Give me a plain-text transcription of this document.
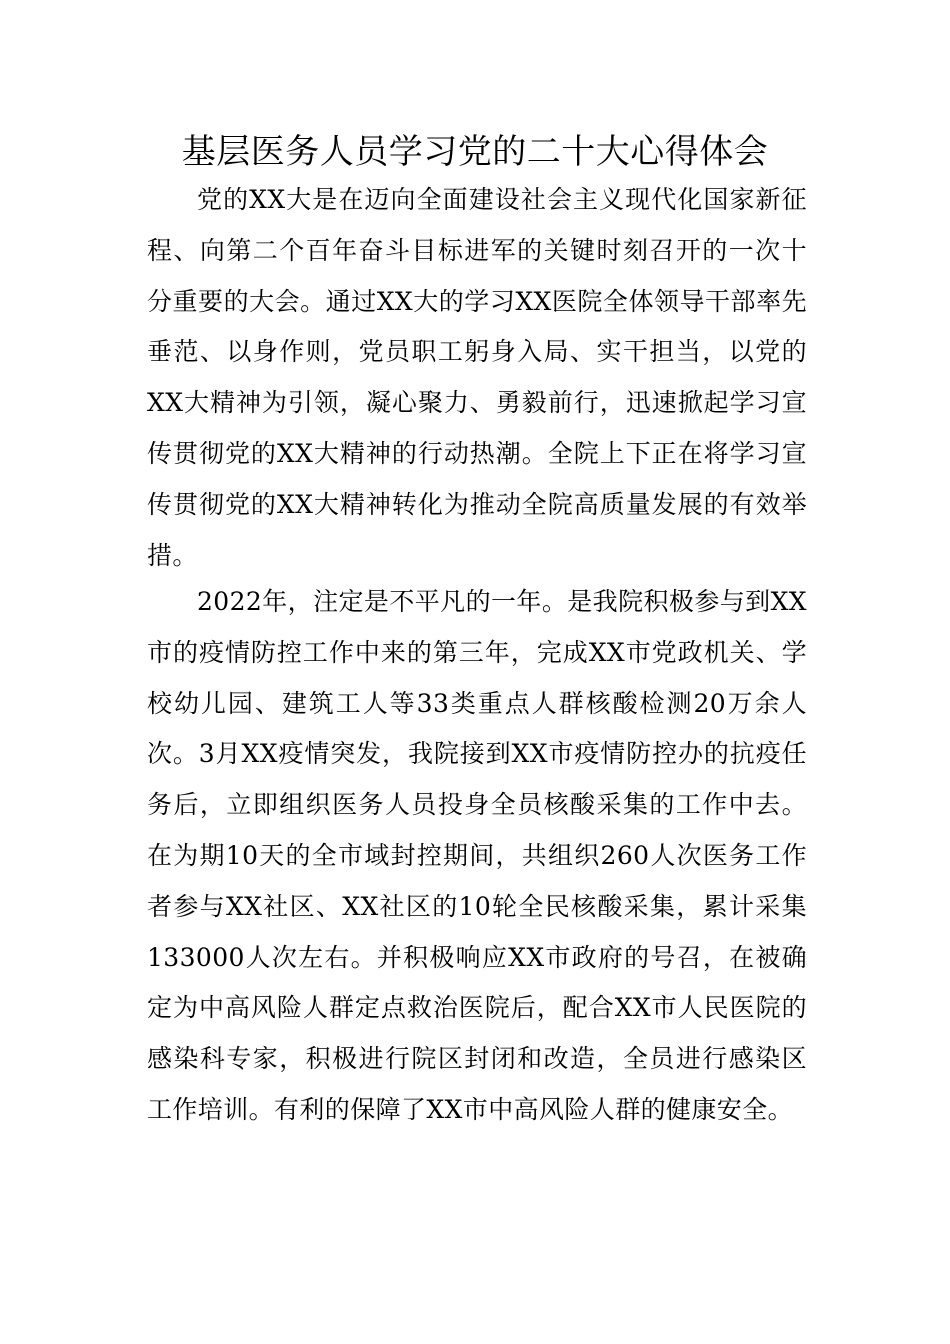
基层医务人员学习党的二十大心得体会

党的XX大是在迈向全面建设社会主义现代化国家新征程、向第二个百年奋斗目标进军的关键时刻召开的一次十分重要的大会。通过XX大的学习XX医院全体领导干部率先垂范、以身作则，党员职工躬身入局、实干担当，以党的XX大精神为引领，凝心聚力、勇毅前行，迅速掀起学习宣传贯彻党的XX大精神的行动热潮。全院上下正在将学习宣传贯彻党的XX大精神转化为推动全院高质量发展的有效举措。

2022年，注定是不平凡的一年。是我院积极参与到XX市的疫情防控工作中来的第三年，完成XX市党政机关、学校幼儿园、建筑工人等33类重点人群核酸检测20万余人次。3月XX疫情突发，我院接到XX市疫情防控办的抗疫任务后，立即组织医务人员投身全员核酸采集的工作中去。在为期10天的全市域封控期间，共组织260人次医务工作者参与XX社区、XX社区的10轮全民核酸采集，累计采集133000人次左右。并积极响应XX市政府的号召，在被确定为中高风险人群定点救治医院后，配合XX市人民医院的感染科专家，积极进行院区封闭和改造，全员进行感染区工作培训。有利的保障了XX市中高风险人群的健康安全。
